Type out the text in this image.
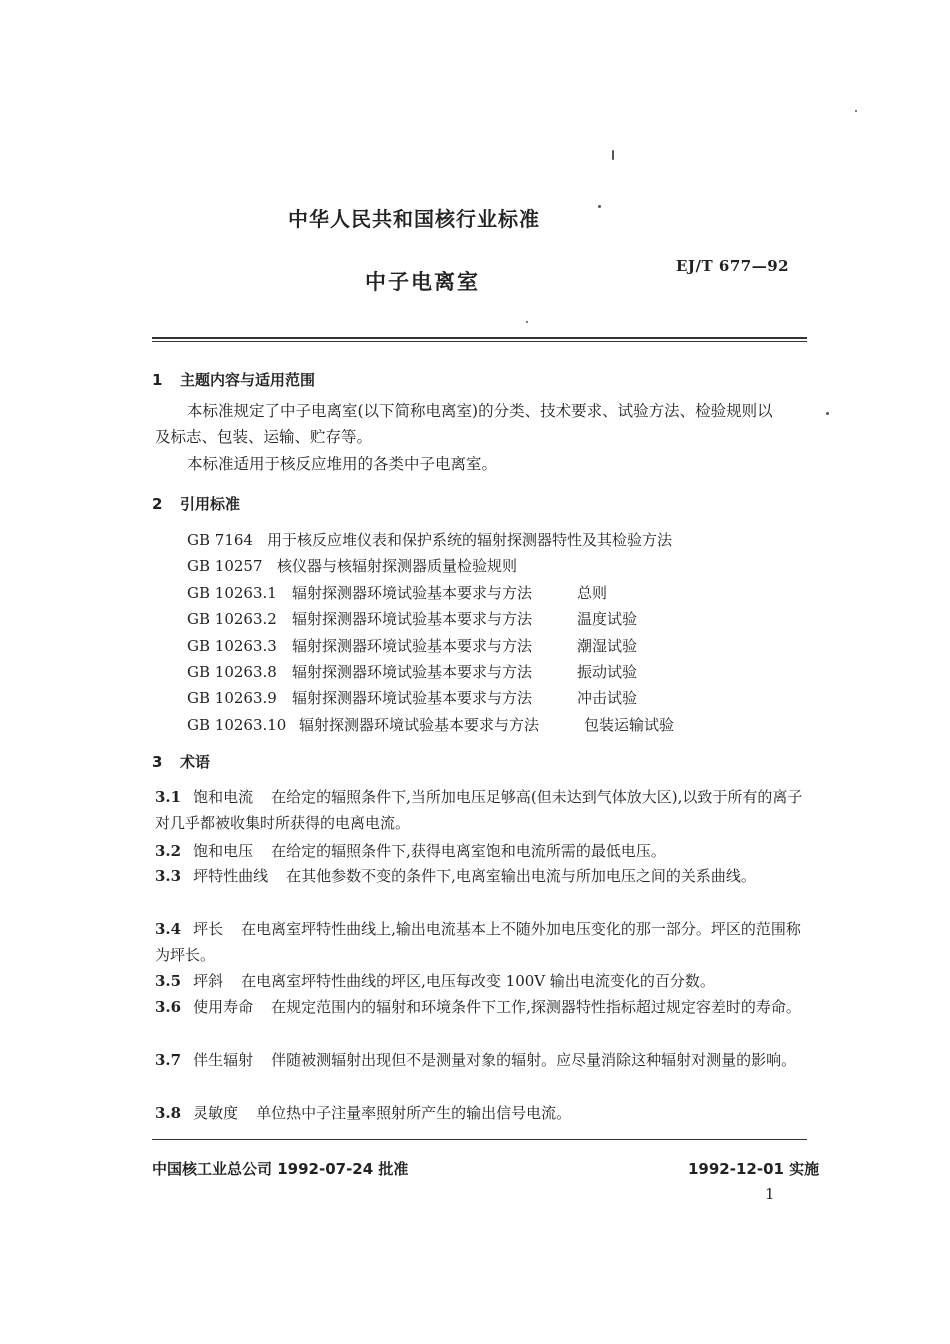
中华人民共和国核行业标准
中子电离室
EJ/T 677—92
1 主题内容与适用范围
本标准规定了中子电离室(以下简称电离室)的分类、技术要求、试验方法、检验规则以
及标志、包装、运输、贮存等。
本标准适用于核反应堆用的各类中子电离室。
2 引用标准
GB 7164 用于核反应堆仪表和保护系统的辐射探测器特性及其检验方法
GB 10257 核仪器与核辐射探测器质量检验规则
GB 10263.1 辐射探测器环境试验基本要求与方法	总则
GB 10263.2 辐射探测器环境试验基本要求与方法	温度试验
GB 10263.3 辐射探测器环境试验基本要求与方法	潮湿试验
GB 10263.8 辐射探测器环境试验基本要求与方法	振动试验
GB 10263.9 辐射探测器环境试验基本要求与方法	冲击试验
GB 10263.10 辐射探测器环境试验基本要求与方法	包装运输试验
3 术语
3.1 饱和电流 在给定的辐照条件下,当所加电压足够高(但未达到气体放大区),以致于所有的离子对几乎都被收集时所获得的电离电流。
3.2 饱和电压 在给定的辐照条件下,获得电离室饱和电流所需的最低电压。
3.3 坪特性曲线 在其他参数不变的条件下,电离室输出电流与所加电压之间的关系曲线。
3.4 坪长 在电离室坪特性曲线上,输出电流基本上不随外加电压变化的那一部分。坪区的范围称为坪长。
3.5 坪斜 在电离室坪特性曲线的坪区,电压每改变 100V 输出电流变化的百分数。
3.6 使用寿命 在规定范围内的辐射和环境条件下工作,探测器特性指标超过规定容差时的寿命。
3.7 伴生辐射 伴随被测辐射出现但不是测量对象的辐射。应尽量消除这种辐射对测量的影响。
3.8 灵敏度 单位热中子注量率照射所产生的输出信号电流。
中国核工业总公司 1992-07-24 批准	1992-12-01 实施
1
